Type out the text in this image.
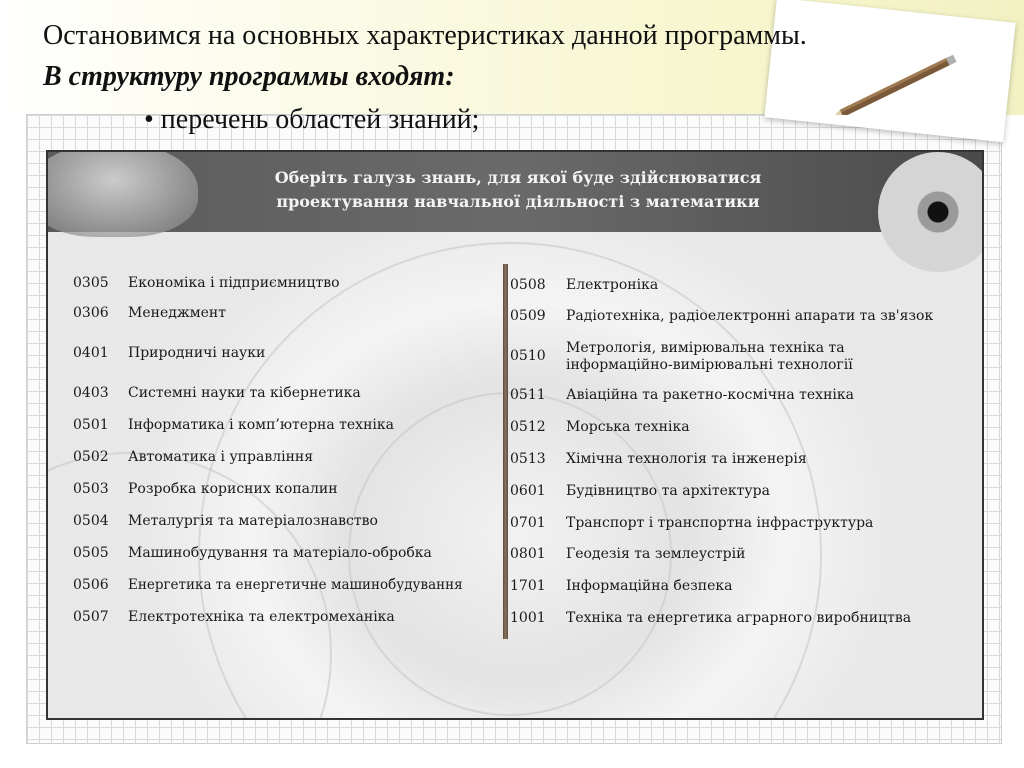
Остановимся на основных характеристиках данной программы.

В структуру программы входят:

• перечень областей знаний;

Оберіть галузь знань, для якої буде здійснюватися
проектування навчальної діяльності з математики

0305	Економіка і підприємництво
0306	Менеджмент
0401	Природничі науки
0403	Системні науки та кібернетика
0501	Інформатика і комп’ютерна техніка
0502	Автоматика і управління
0503	Розробка корисних копалин
0504	Металургія та матеріалознавство
0505	Машинобудування та матеріало-обробка
0506	Енергетика та енергетичне машинобудування
0507	Електротехніка та електромеханіка
0508	Електроніка
0509	Радіотехніка, радіоелектронні апарати та зв'язок
0510	Метрологія, вимірювальна техніка та
інформаційно-вимірювальні технології
0511	Авіаційна та ракетно-космічна техніка
0512	Морська техніка
0513	Хімічна технологія та інженерія
0601	Будівництво та архітектура
0701	Транспорт і транспортна інфраструктура
0801	Геодезія та землеустрій
1701	Інформаційна безпека
1001	Техніка та енергетика аграрного виробництва
